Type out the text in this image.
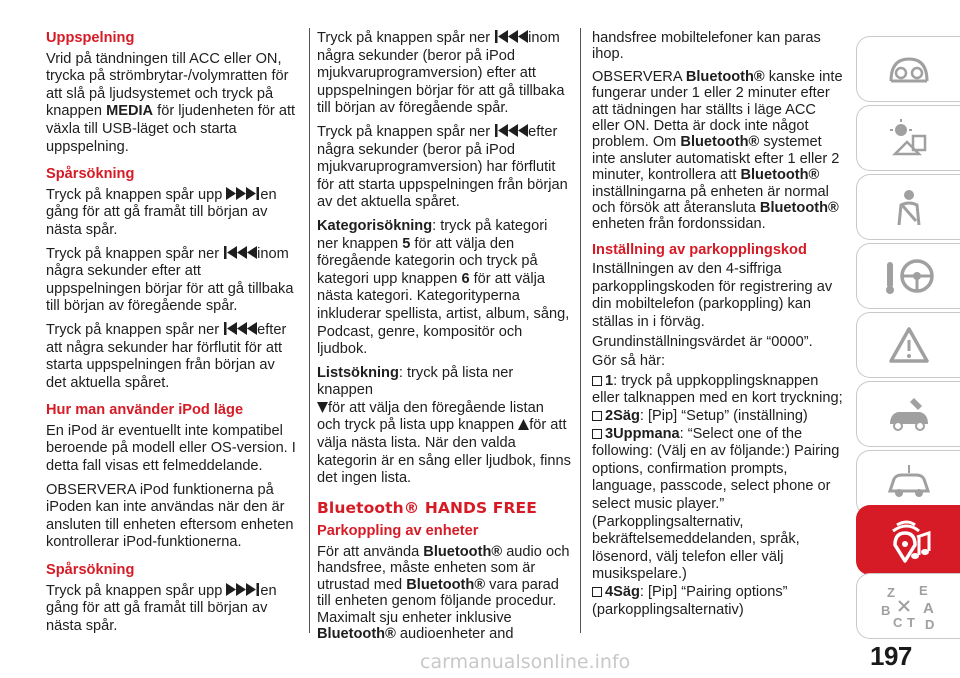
Uppspelning

Vrid på tändningen till ACC eller ON, trycka på strömbrytar-/volymratten för att slå på ljudsystemet och tryck på knappen MEDIA för ljudenheten för att växla till USB-läget och starta uppspelning.

Spårsökning

Tryck på knappen spår upp	en gång för att gå framåt till början av nästa spår.

Tryck på knappen spår ner	inom några sekunder efter att uppspelningen börjar för att gå tillbaka till början av föregående spår.

Tryck på knappen spår ner	efter att några sekunder har förflutit för att starta uppspelningen från början av det aktuella spåret.

Hur man använder iPod läge

En iPod är eventuellt inte kompatibel beroende på modell eller OS-version. I detta fall visas ett felmeddelande.

OBSERVERA iPod funktionerna på iPoden kan inte användas när den är ansluten till enheten eftersom enheten kontrollerar iPod-funktionerna.

Spårsökning

Tryck på knappen spår upp	en gång för att gå framåt till början av nästa spår.

Tryck på knappen spår ner	inom några sekunder (beror på iPod mjukvaruprogramversion) efter att uppspelningen börjar för att gå tillbaka till början av föregående spår.

Tryck på knappen spår ner	efter några sekunder (beror på iPod mjukvaruprogramversion) har förflutit för att starta uppspelningen från början av det aktuella spåret.

Kategorisökning: tryck på kategori ner knappen 5 för att välja den föregående kategorin och tryck på kategori upp knappen 6 för att välja nästa kategori. Kategorityperna inkluderar spellista, artist, album, sång, Podcast, genre, kompositör och ljudbok.

Listsökning: tryck på lista ner knappen
för att välja den föregående listan och tryck på lista upp knappen för att välja nästa lista. När den valda kategorin är en sång eller ljudbok, finns det ingen lista.

Bluetooth® HANDS FREE
Parkoppling av enheter

För att använda Bluetooth® audio och handsfree, måste enheten som är utrustad med Bluetooth® vara parad till enheten genom följande procedur. Maximalt sju enheter inklusive Bluetooth® audioenheter and

handsfree mobiltelefoner kan paras ihop.

OBSERVERA Bluetooth® kanske inte fungerar under 1 eller 2 minuter efter att tädningen har ställts i läge ACC eller ON. Detta är dock inte något problem. Om Bluetooth® systemet inte ansluter automatiskt efter 1 eller 2 minuter, kontrollera att Bluetooth® inställningarna på enheten är normal och försök att återansluta Bluetooth® enheten från fordonssidan.

Inställning av parkopplingskod

Inställningen av den 4-siffriga parkopplingskoden för registrering av din mobiltelefon (parkoppling) kan ställas in i förväg.

Grundinställningsvärdet är “0000”.

Gör så här:

1: tryck på uppkopplingsknappen eller talknappen med en kort tryckning;
2Säg: [Pip] “Setup” (inställning)
3Uppmana: “Select one of the following: (Välj en av följande:) Pairing options, confirmation prompts, language, passcode, select phone or select music player.” (Parkopplingsalternativ, bekräftelsemeddelanden, språk, lösenord, välj telefon eller välj musikspelare.)
4Säg: [Pip] “Pairing options” (parkopplingsalternativ)
Z E
B A
C T D
197
carmanualsonline.info
